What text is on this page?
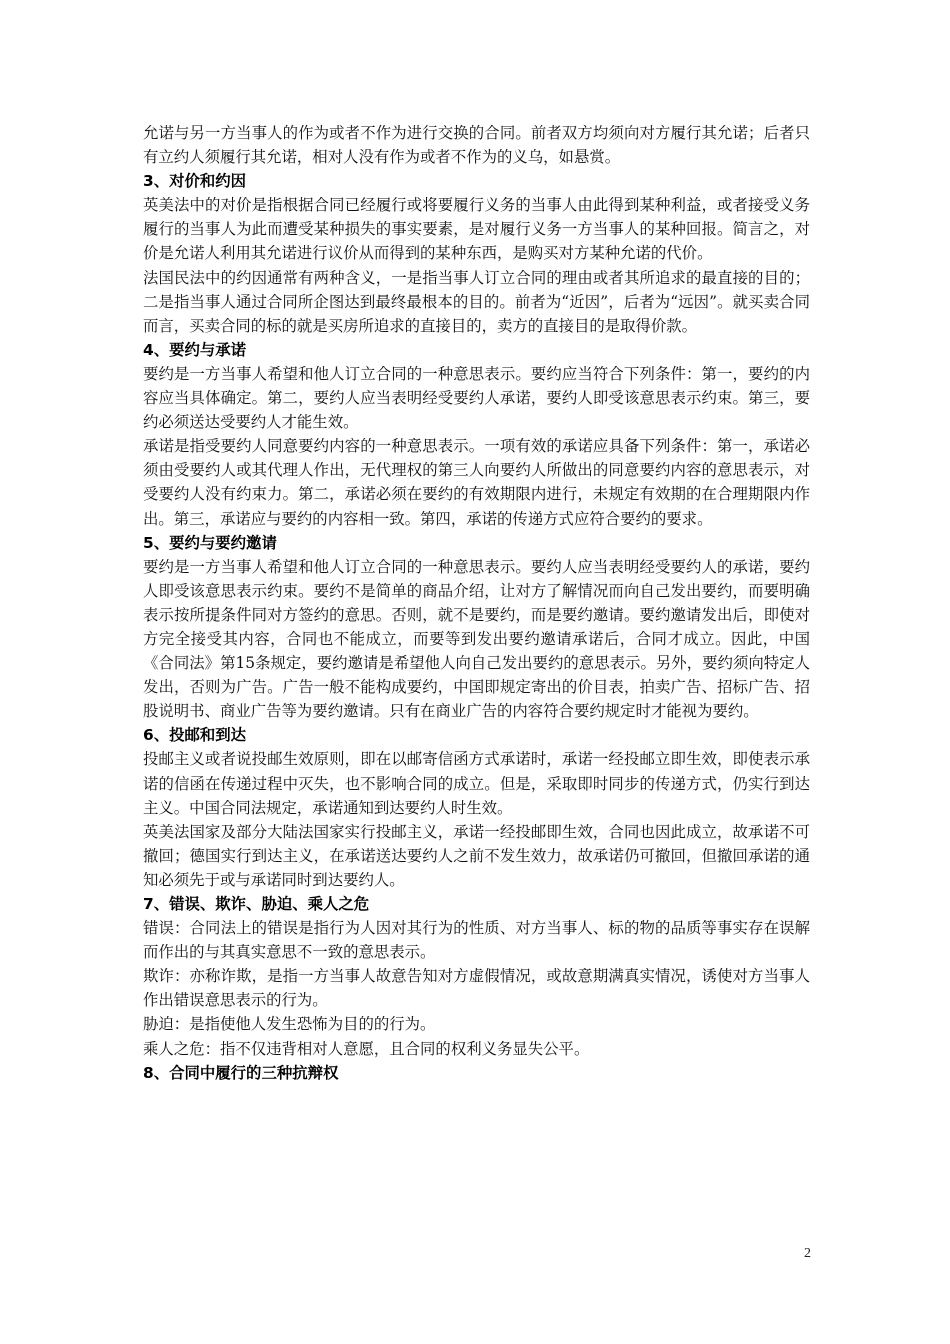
允诺与另一方当事人的作为或者不作为进行交换的合同。前者双方均须向对方履行其允诺；后者只有立约人须履行其允诺，相对人没有作为或者不作为的义乌，如悬赏。

3、对价和约因

英美法中的对价是指根据合同已经履行或将要履行义务的当事人由此得到某种利益，或者接受义务履行的当事人为此而遭受某种损失的事实要素，是对履行义务一方当事人的某种回报。简言之，对价是允诺人利用其允诺进行议价从而得到的某种东西，是购买对方某种允诺的代价。

法国民法中的约因通常有两种含义，一是指当事人订立合同的理由或者其所追求的最直接的目的；二是指当事人通过合同所企图达到最终最根本的目的。前者为“近因”，后者为“远因”。就买卖合同而言，买卖合同的标的就是买房所追求的直接目的，卖方的直接目的是取得价款。

4、要约与承诺

要约是一方当事人希望和他人订立合同的一种意思表示。要约应当符合下列条件：第一，要约的内容应当具体确定。第二，要约人应当表明经受要约人承诺，要约人即受该意思表示约束。第三，要约必须送达受要约人才能生效。

承诺是指受要约人同意要约内容的一种意思表示。一项有效的承诺应具备下列条件：第一，承诺必须由受要约人或其代理人作出，无代理权的第三人向要约人所做出的同意要约内容的意思表示，对受要约人没有约束力。第二，承诺必须在要约的有效期限内进行，未规定有效期的在合理期限内作出。第三，承诺应与要约的内容相一致。第四，承诺的传递方式应符合要约的要求。

5、要约与要约邀请

要约是一方当事人希望和他人订立合同的一种意思表示。要约人应当表明经受要约人的承诺，要约人即受该意思表示约束。要约不是简单的商品介绍，让对方了解情况而向自己发出要约，而要明确表示按所提条件同对方签约的意思。否则，就不是要约，而是要约邀请。要约邀请发出后，即使对方完全接受其内容，合同也不能成立，而要等到发出要约邀请承诺后，合同才成立。因此，中国《合同法》第15条规定，要约邀请是希望他人向自己发出要约的意思表示。另外，要约须向特定人发出，否则为广告。广告一般不能构成要约，中国即规定寄出的价目表，拍卖广告、招标广告、招股说明书、商业广告等为要约邀请。只有在商业广告的内容符合要约规定时才能视为要约。

6、投邮和到达

投邮主义或者说投邮生效原则，即在以邮寄信函方式承诺时，承诺一经投邮立即生效，即使表示承诺的信函在传递过程中灭失，也不影响合同的成立。但是，采取即时同步的传递方式，仍实行到达主义。中国合同法规定，承诺通知到达要约人时生效。

英美法国家及部分大陆法国家实行投邮主义，承诺一经投邮即生效，合同也因此成立，故承诺不可撤回；德国实行到达主义，在承诺送达要约人之前不发生效力，故承诺仍可撤回，但撤回承诺的通知必须先于或与承诺同时到达要约人。

7、错误、欺诈、胁迫、乘人之危

错误：合同法上的错误是指行为人因对其行为的性质、对方当事人、标的物的品质等事实存在误解而作出的与其真实意思不一致的意思表示。

欺诈：亦称诈欺，是指一方当事人故意告知对方虚假情况，或故意期满真实情况，诱使对方当事人作出错误意思表示的行为。

胁迫：是指使他人发生恐怖为目的的行为。

乘人之危：指不仅违背相对人意愿，且合同的权利义务显失公平。

8、合同中履行的三种抗辩权

2
